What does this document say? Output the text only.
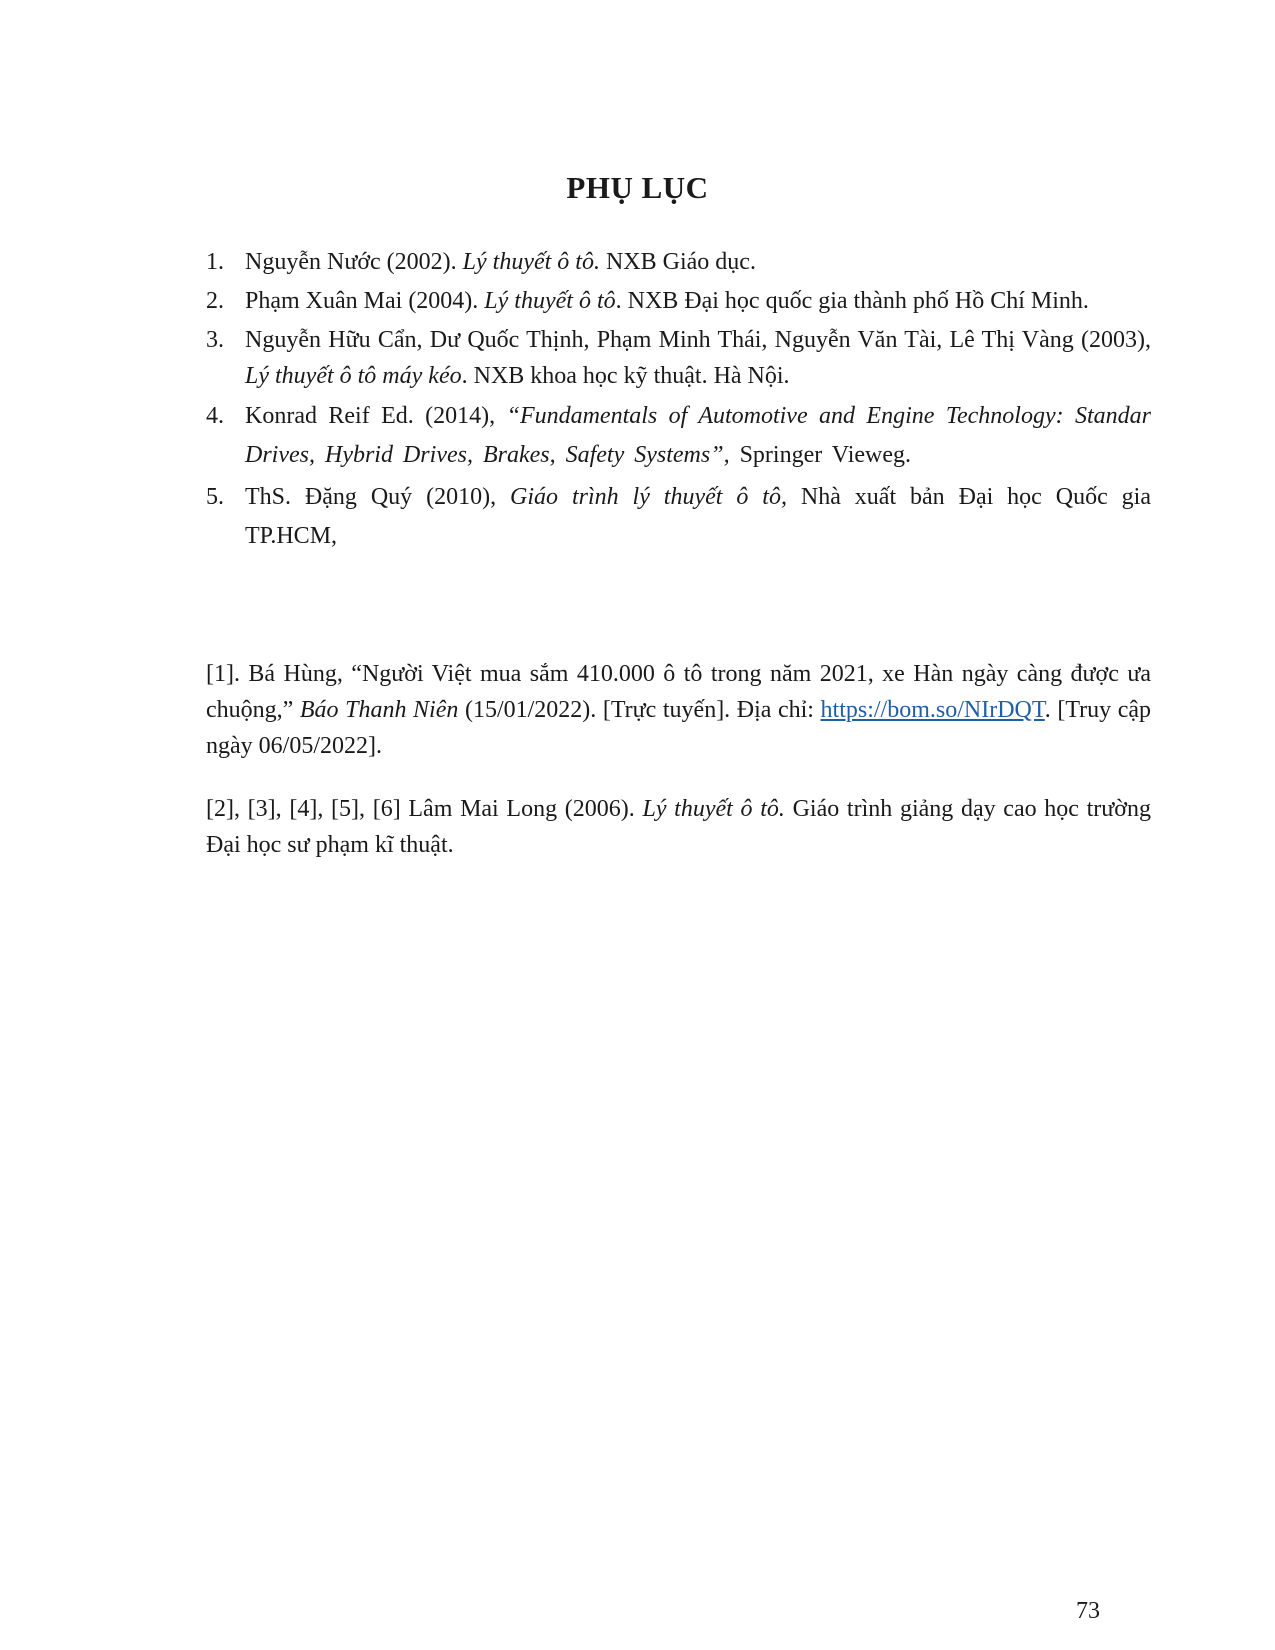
PHỤ LỤC
1. Nguyễn Nước (2002). Lý thuyết ô tô. NXB Giáo dục.
2. Phạm Xuân Mai (2004). Lý thuyết ô tô. NXB Đại học quốc gia thành phố Hồ Chí Minh.
3. Nguyễn Hữu Cẩn, Dư Quốc Thịnh, Phạm Minh Thái, Nguyễn Văn Tài, Lê Thị Vàng (2003), Lý thuyết ô tô máy kéo. NXB khoa học kỹ thuật. Hà Nội.
4. Konrad Reif Ed. (2014), “Fundamentals of Automotive and Engine Technology: Standar Drives, Hybrid Drives, Brakes, Safety Systems”, Springer Vieweg.
5. ThS. Đặng Quý (2010), Giáo trình lý thuyết ô tô, Nhà xuất bản Đại học Quốc gia TP.HCM,

[1]. Bá Hùng, “Người Việt mua sắm 410.000 ô tô trong năm 2021, xe Hàn ngày càng được ưa chuộng,” Báo Thanh Niên (15/01/2022). [Trực tuyến]. Địa chỉ: https://bom.so/NIrDQT. [Truy cập ngày 06/05/2022].

[2], [3], [4], [5], [6] Lâm Mai Long (2006). Lý thuyết ô tô. Giáo trình giảng dạy cao học trường Đại học sư phạm kĩ thuật.

73
